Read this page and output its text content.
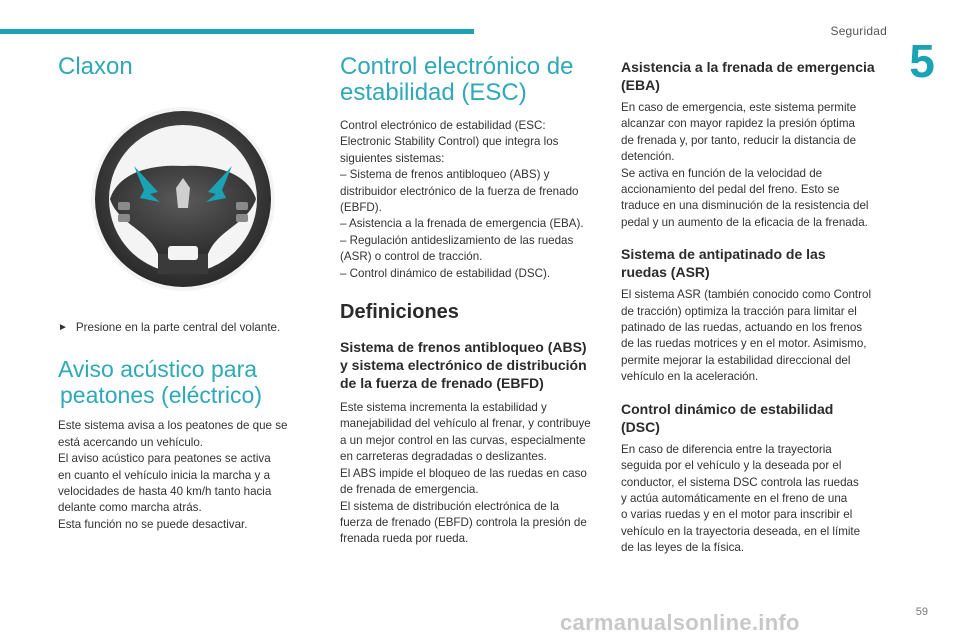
Seguridad
5
Claxon
► Presione en la parte central del volante.

Aviso acústico para
peatones (eléctrico)

Este sistema avisa a los peatones de que se

está acercando un vehículo.

El aviso acústico para peatones se activa

en cuanto el vehículo inicia la marcha y a

velocidades de hasta 40 km/h tanto hacia

delante como marcha atrás.

Esta función no se puede desactivar.

Control electrónico de
estabilidad (ESC)

Control electrónico de estabilidad (ESC:

Electronic Stability Control) que integra los

siguientes sistemas:

– Sistema de frenos antibloqueo (ABS) y

distribuidor electrónico de la fuerza de frenado

(EBFD).

– Asistencia a la frenada de emergencia (EBA).

– Regulación antideslizamiento de las ruedas

(ASR) o control de tracción.

– Control dinámico de estabilidad (DSC).

Definiciones
Sistema de frenos antibloqueo (ABS)
y sistema electrónico de distribución
de la fuerza de frenado (EBFD)

Este sistema incrementa la estabilidad y

manejabilidad del vehículo al frenar, y contribuye

a un mejor control en las curvas, especialmente

en carreteras degradadas o deslizantes.

El ABS impide el bloqueo de las ruedas en caso

de frenada de emergencia.

El sistema de distribución electrónica de la

fuerza de frenado (EBFD) controla la presión de

frenada rueda por rueda.

Asistencia a la frenada de emergencia
(EBA)

En caso de emergencia, este sistema permite

alcanzar con mayor rapidez la presión óptima

de frenada y, por tanto, reducir la distancia de

detención.

Se activa en función de la velocidad de

accionamiento del pedal del freno. Esto se

traduce en una disminución de la resistencia del

pedal y un aumento de la eficacia de la frenada.

Sistema de antipatinado de las
ruedas (ASR)

El sistema ASR (también conocido como Control

de tracción) optimiza la tracción para limitar el

patinado de las ruedas, actuando en los frenos

de las ruedas motrices y en el motor. Asimismo,

permite mejorar la estabilidad direccional del

vehículo en la aceleración.

Control dinámico de estabilidad
(DSC)

En caso de diferencia entre la trayectoria

seguida por el vehículo y la deseada por el

conductor, el sistema DSC controla las ruedas

y actúa automáticamente en el freno de una

o varias ruedas y en el motor para inscribir el

vehículo en la trayectoria deseada, en el límite

de las leyes de la física.

carmanualsonline.info	59
